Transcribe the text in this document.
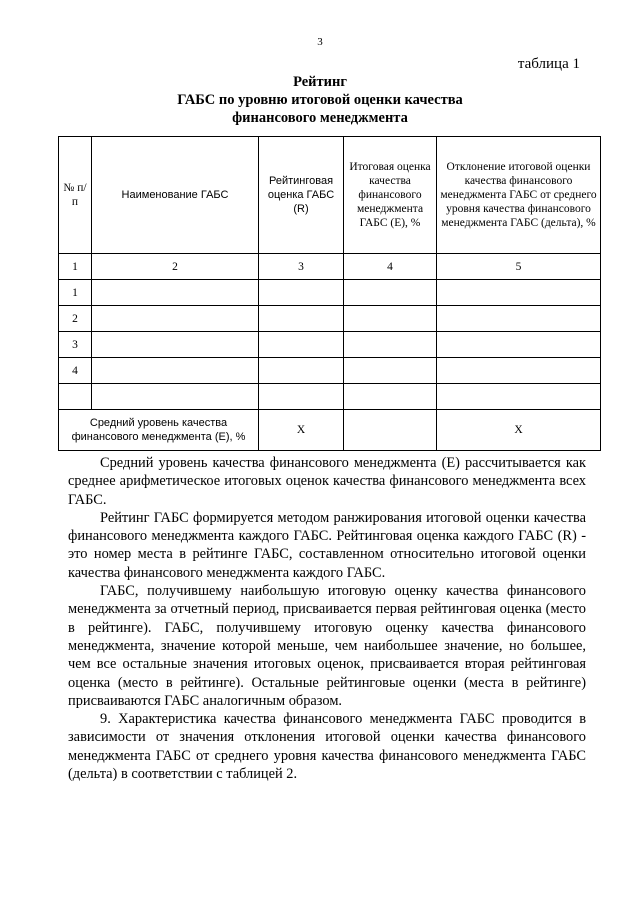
3
таблица 1
Рейтинг
ГАБС по уровню итоговой оценки качества
финансового менеджмента
№ п/п	Наименование ГАБС	Рейтинговая оценка ГАБС (R)	Итоговая оценка качества финансового менеджмента ГАБС (E), %	Отклонение итоговой оценки качества финансового менеджмента ГАБС от среднего уровня качества финансового менеджмента ГАБС (дельта), %
1	2	3	4	5
1				
2				
3				
4				

Средний уровень качества финансового менеджмента (E), %		X		X

Средний уровень качества финансового менеджмента (E) рассчитывается как среднее арифметическое итоговых оценок качества финансового менеджмента всех ГАБС.

Рейтинг ГАБС формируется методом ранжирования итоговой оценки качества финансового менеджмента каждого ГАБС. Рейтинговая оценка каждого ГАБС (R) - это номер места в рейтинге ГАБС, составленном относительно итоговой оценки качества финансового менеджмента каждого ГАБС.

ГАБС, получившему наибольшую итоговую оценку качества финансового менеджмента за отчетный период, присваивается первая рейтинговая оценка (место в рейтинге). ГАБС, получившему итоговую оценку качества финансового менеджмента, значение которой меньше, чем наибольшее значение, но большее, чем все остальные значения итоговых оценок, присваивается вторая рейтинговая оценка (место в рейтинге). Остальные рейтинговые оценки (места в рейтинге) присваиваются ГАБС аналогичным образом.

9. Характеристика качества финансового менеджмента ГАБС проводится в зависимости от значения отклонения итоговой оценки качества финансового менеджмента ГАБС от среднего уровня качества финансового менеджмента ГАБС (дельта) в соответствии с таблицей 2.
